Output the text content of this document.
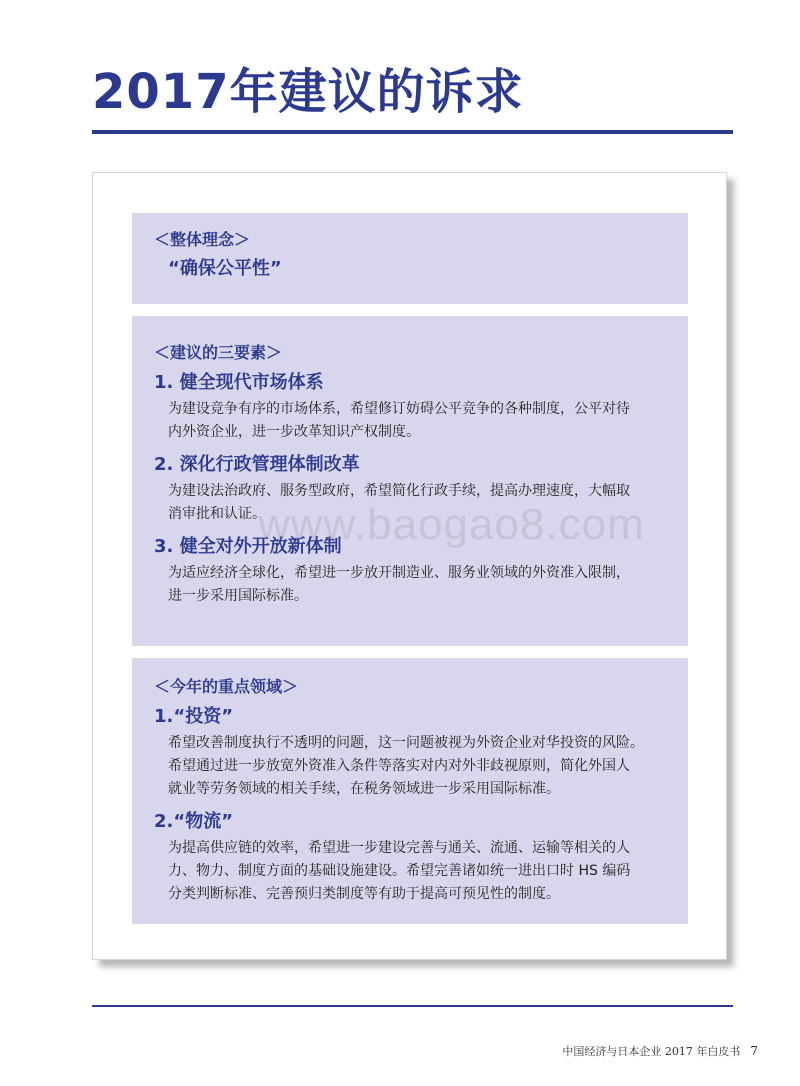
2017年建议的诉求
＜整体理念＞
“确保公平性”
＜建议的三要素＞
1. 健全现代市场体系
为建设竞争有序的市场体系，希望修订妨碍公平竞争的各种制度，公平对待
内外资企业，进一步改革知识产权制度。
2. 深化行政管理体制改革
为建设法治政府、服务型政府，希望简化行政手续，提高办理速度，大幅取
消审批和认证。
3. 健全对外开放新体制
为适应经济全球化，希望进一步放开制造业、服务业领域的外资准入限制，
进一步采用国际标准。
＜今年的重点领域＞
1.“投资”
希望改善制度执行不透明的问题，这一问题被视为外资企业对华投资的风险。
希望通过进一步放宽外资准入条件等落实对内对外非歧视原则，简化外国人
就业等劳务领域的相关手续，在税务领域进一步采用国际标准。
2.“物流”
为提高供应链的效率，希望进一步建设完善与通关、流通、运输等相关的人
力、物力、制度方面的基础设施建设。希望完善诸如统一进出口时 HS 编码
分类判断标准、完善预归类制度等有助于提高可预见性的制度。
www.baogao8.com
中国经济与日本企业 2017 年白皮书 7
